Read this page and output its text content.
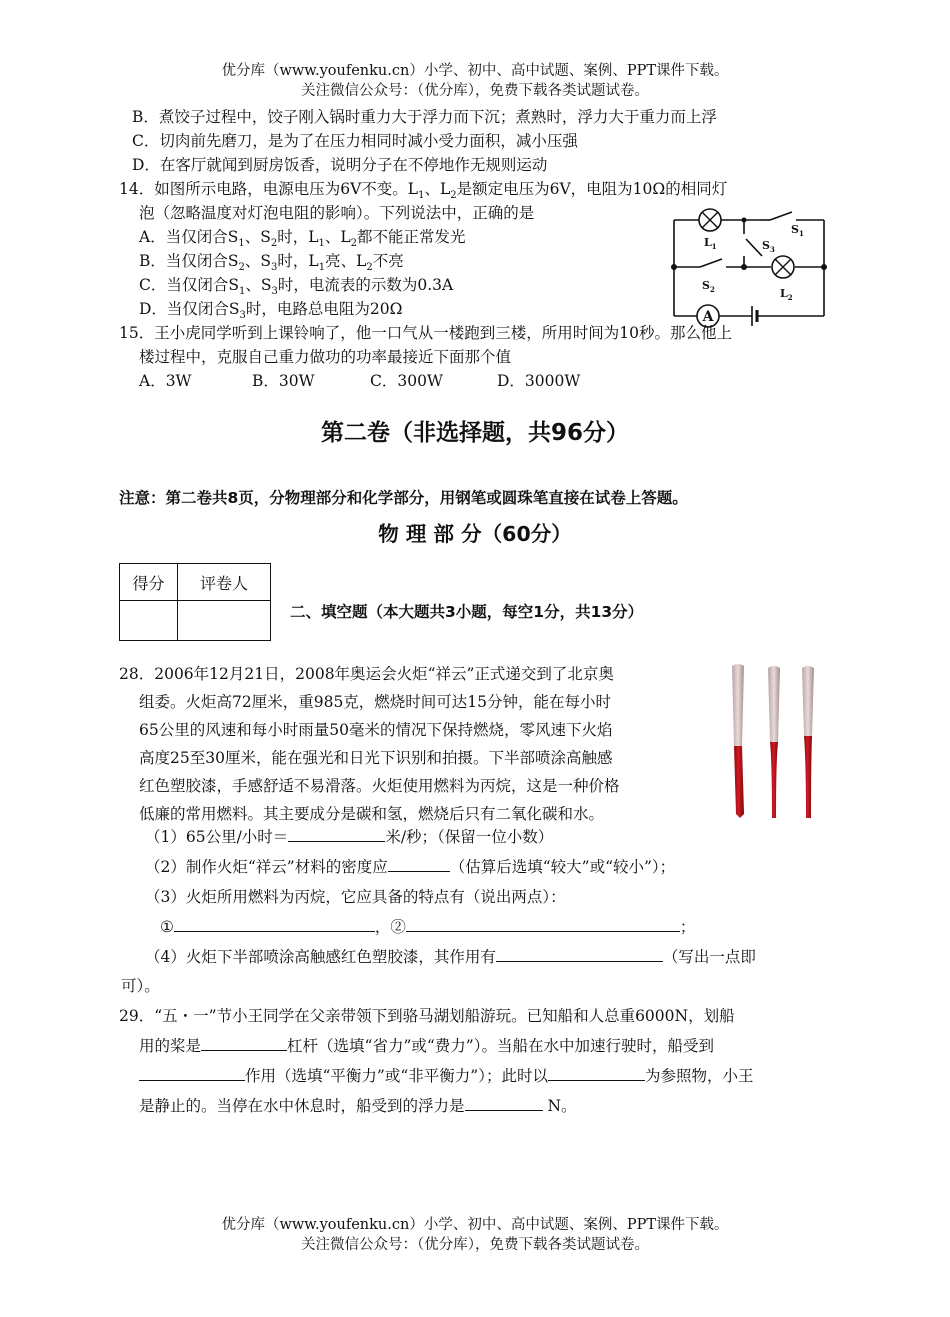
优分库（www.youfenku.cn）小学、初中、高中试题、案例、PPT课件下载。
关注微信公众号：（优分库），免费下载各类试题试卷。
B．煮饺子过程中，饺子刚入锅时重力大于浮力而下沉；煮熟时，浮力大于重力而上浮
C．切肉前先磨刀，是为了在压力相同时减小受力面积，减小压强
D．在客厅就闻到厨房饭香，说明分子在不停地作无规则运动
14．如图所示电路，电源电压为6V不变。$L_1$、$L_2$是额定电压为6V，电阻为10Ω的相同灯
泡（忽略温度对灯泡电阻的影响）。下列说法中，正确的是
A．当仅闭合$S_1$、$S_2$时，$L_1$、$L_2$都不能正常发光
B．当仅闭合$S_2$、$S_3$时，$L_1$亮、$L_2$不亮
C．当仅闭合$S_1$、$S_3$时，电流表的示数为0.3A
D．当仅闭合$S_3$时，电路总电阻为20Ω	A
$L_1$
$L_2$
$S_1$
$S_2$
$S_3$
15．王小虎同学听到上课铃响了，他一口气从一楼跑到三楼，所用时间为10秒。那么他上
楼过程中，克服自己重力做功的功率最接近下面那个值
A．3W	B．30W	C．300W	D．3000W
第二卷（非选择题，共96分）
注意：第二卷共8页，分物理部分和化学部分，用钢笔或圆珠笔直接在试卷上答题。
物 理 部 分（60分）
得分	评卷人

二、填空题（本大题共3小题，每空1分，共13分）
28．2006年12月21日，2008年奥运会火炬“祥云”正式递交到了北京奥
组委。火炬高72厘米，重985克，燃烧时间可达15分钟，能在每小时
65公里的风速和每小时雨量50毫米的情况下保持燃烧，零风速下火焰
高度25至30厘米，能在强光和日光下识别和拍摄。下半部喷涂高触感
红色塑胶漆，手感舒适不易滑落。火炬使用燃料为丙烷，这是一种价格
低廉的常用燃料。其主要成分是碳和氢，燃烧后只有二氧化碳和水。
（1）65公里/小时＝	米/秒；（保留一位小数）
（2）制作火炬“祥云”材料的密度应	（估算后选填“较大”或“较小”）；
（3）火炬所用燃料为丙烷，它应具备的特点有（说出两点）：
①	，②	；
（4）火炬下半部喷涂高触感红色塑胶漆，其作用有	（写出一点即
可）。
29．“五・一”节小王同学在父亲带领下到骆马湖划船游玩。已知船和人总重6000N，划船
用的桨是	杠杆（选填“省力”或“费力”）。当船在水中加速行驶时，船受到
作用（选填“平衡力”或“非平衡力”）；此时以	为参照物，小王
是静止的。当停在水中休息时，船受到的浮力是	N。
优分库（www.youfenku.cn）小学、初中、高中试题、案例、PPT课件下载。
关注微信公众号：（优分库），免费下载各类试题试卷。
